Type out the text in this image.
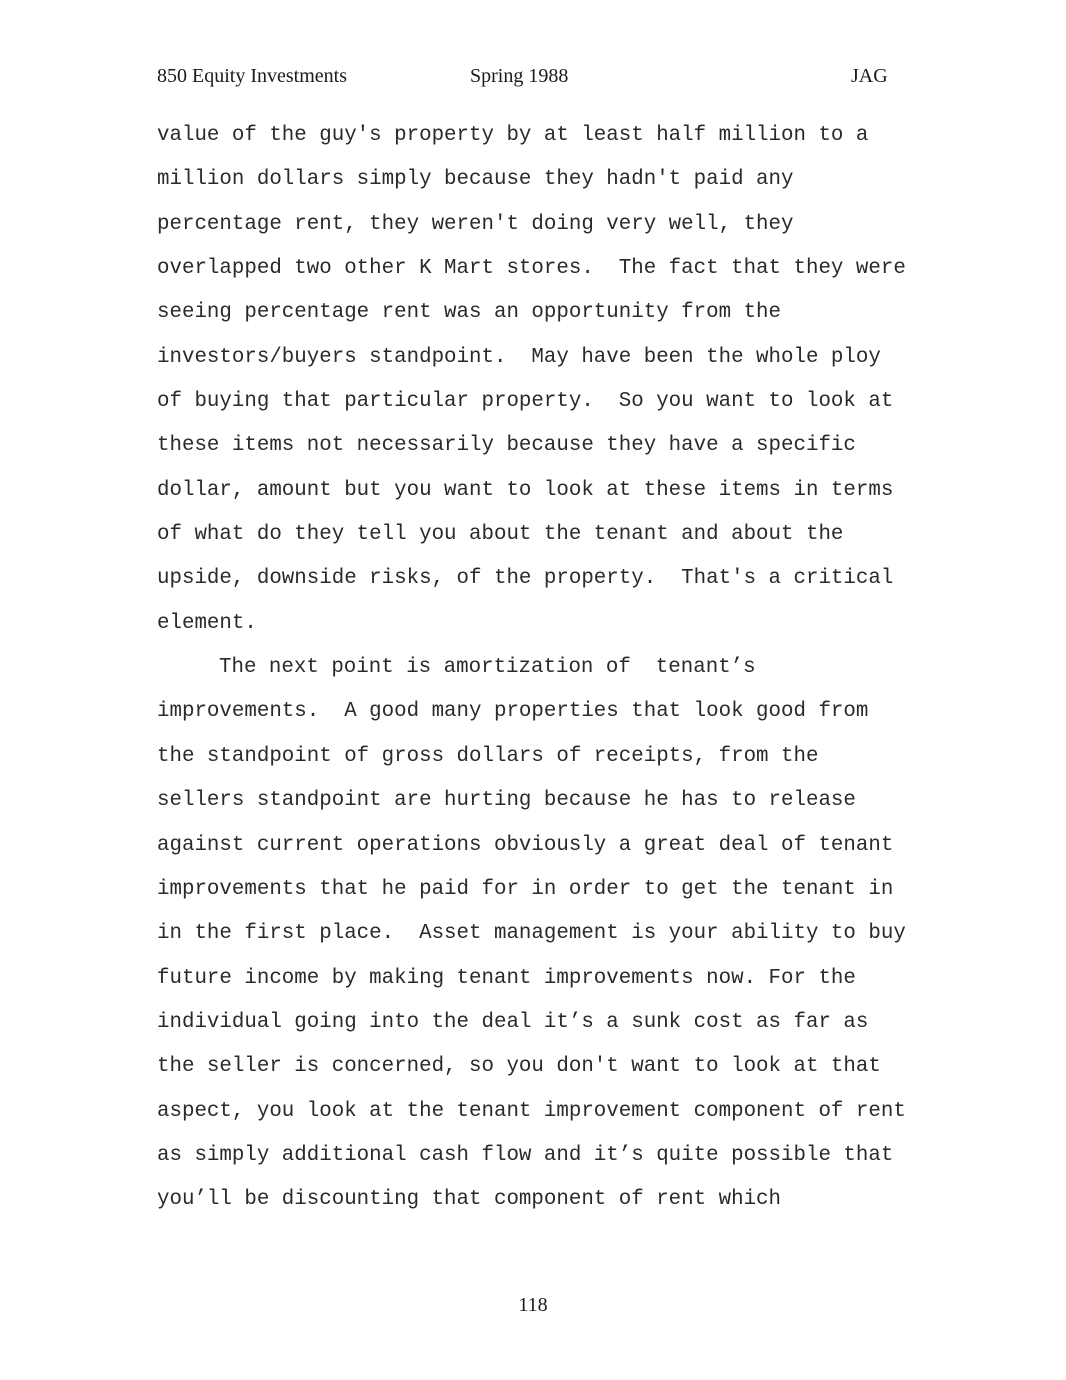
850 Equity Investments	Spring 1988	JAG
value of the guy's property by at least half million to a
million dollars simply because they hadn't paid any
percentage rent, they weren't doing very well, they
overlapped two other K Mart stores.  The fact that they were
seeing percentage rent was an opportunity from the
investors/buyers standpoint.  May have been the whole ploy
of buying that particular property.  So you want to look at
these items not necessarily because they have a specific
dollar, amount but you want to look at these items in terms
of what do they tell you about the tenant and about the
upside, downside risks, of the property.  That's a critical
element.
The next point is amortization of  tenant’s
improvements.  A good many properties that look good from
the standpoint of gross dollars of receipts, from the
sellers standpoint are hurting because he has to release
against current operations obviously a great deal of tenant
improvements that he paid for in order to get the tenant in
in the first place.  Asset management is your ability to buy
future income by making tenant improvements now. For the
individual going into the deal it’s a sunk cost as far as
the seller is concerned, so you don't want to look at that
aspect, you look at the tenant improvement component of rent
as simply additional cash flow and it’s quite possible that
you’ll be discounting that component of rent which
118
